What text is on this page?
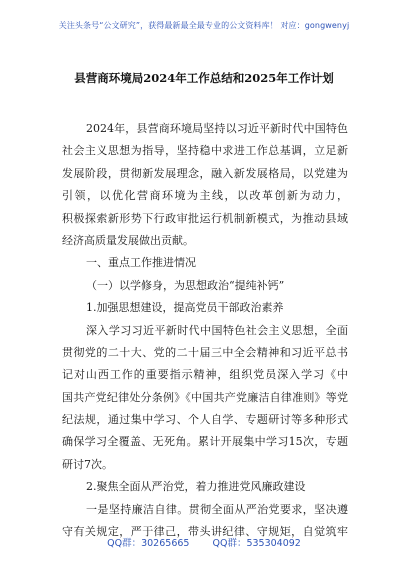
关注头条号“公文研究”，获得最新最全最专业的公文资料库！ 对应：gongwenyj
县营商环境局2024年工作总结和2025年工作计划
2024年，县营商环境局坚持以习近平新时代中国特色
社会主义思想为指导，坚持稳中求进工作总基调，立足新
发展阶段，贯彻新发展理念，融入新发展格局，以党建为
引领，以优化营商环境为主线，以改革创新为动力，
积极探索新形势下行政审批运行机制新模式，为推动县域
经济高质量发展做出贡献。
一、重点工作推进情况
（一）以学修身，为思想政治“提纯补钙”
1.加强思想建设，提高党员干部政治素养
深入学习习近平新时代中国特色社会主义思想，全面
贯彻党的二十大、党的二十届三中全会精神和习近平总书
记对山西工作的重要指示精神，组织党员深入学习《中
国共产党纪律处分条例》《中国共产党廉洁自律准则》等党
纪法规，通过集中学习、个人自学、专题研讨等多种形式
确保学习全覆盖、无死角。累计开展集中学习15次，专题
研讨7次。
2.聚焦全面从严治党，着力推进党风廉政建设
一是坚持廉洁自律。贯彻全面从严治党要求，坚决遵
守有关规定，严于律己，带头讲纪律、守规矩，自觉筑牢
QQ群：30265665 QQ群：535304092
